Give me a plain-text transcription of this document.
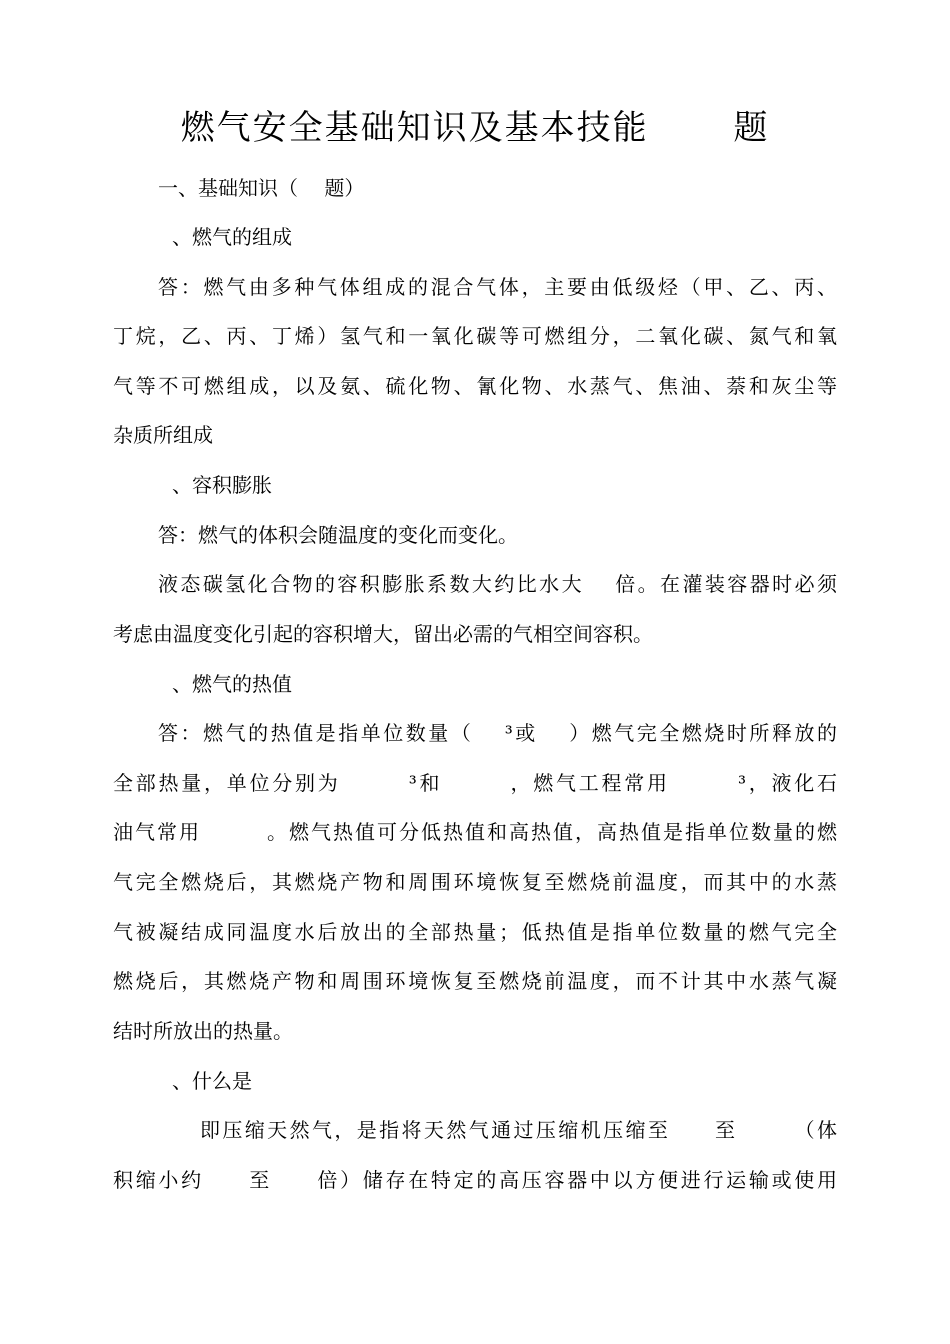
燃气安全基础知识及基本技能　　 题
一、基础知识（　 题）
、燃气的组成
答：燃气由多种气体组成的混合气体，主要由低级烃（甲、乙、丙、
丁烷，乙、丙、丁烯）氢气和一氧化碳等可燃组分，二氧化碳、氮气和氧
气等不可燃组成，以及氨、硫化物、氰化物、水蒸气、焦油、萘和灰尘等
杂质所组成
、容积膨胀
答：燃气的体积会随温度的变化而变化。
液态碳氢化合物的容积膨胀系数大约比水大　 倍。在灌装容器时必须
考虑由温度变化引起的容积增大，留出必需的气相空间容积。
、燃气的热值
答：燃气的热值是指单位数量（　 ³或　 ）燃气完全燃烧时所释放的
全部热量，单位分别为　　　³和　　　，燃气工程常用　　　³，液化石
油气常用　　　。燃气热值可分低热值和高热值，高热值是指单位数量的燃
气完全燃烧后，其燃烧产物和周围环境恢复至燃烧前温度，而其中的水蒸
气被凝结成同温度水后放出的全部热量；低热值是指单位数量的燃气完全
燃烧后，其燃烧产物和周围环境恢复至燃烧前温度，而不计其中水蒸气凝
结时所放出的热量。
、什么是
即压缩天然气，是指将天然气通过压缩机压缩至　　至　　　（体
积缩小约　　至　　倍）储存在特定的高压容器中以方便进行运输或使用
